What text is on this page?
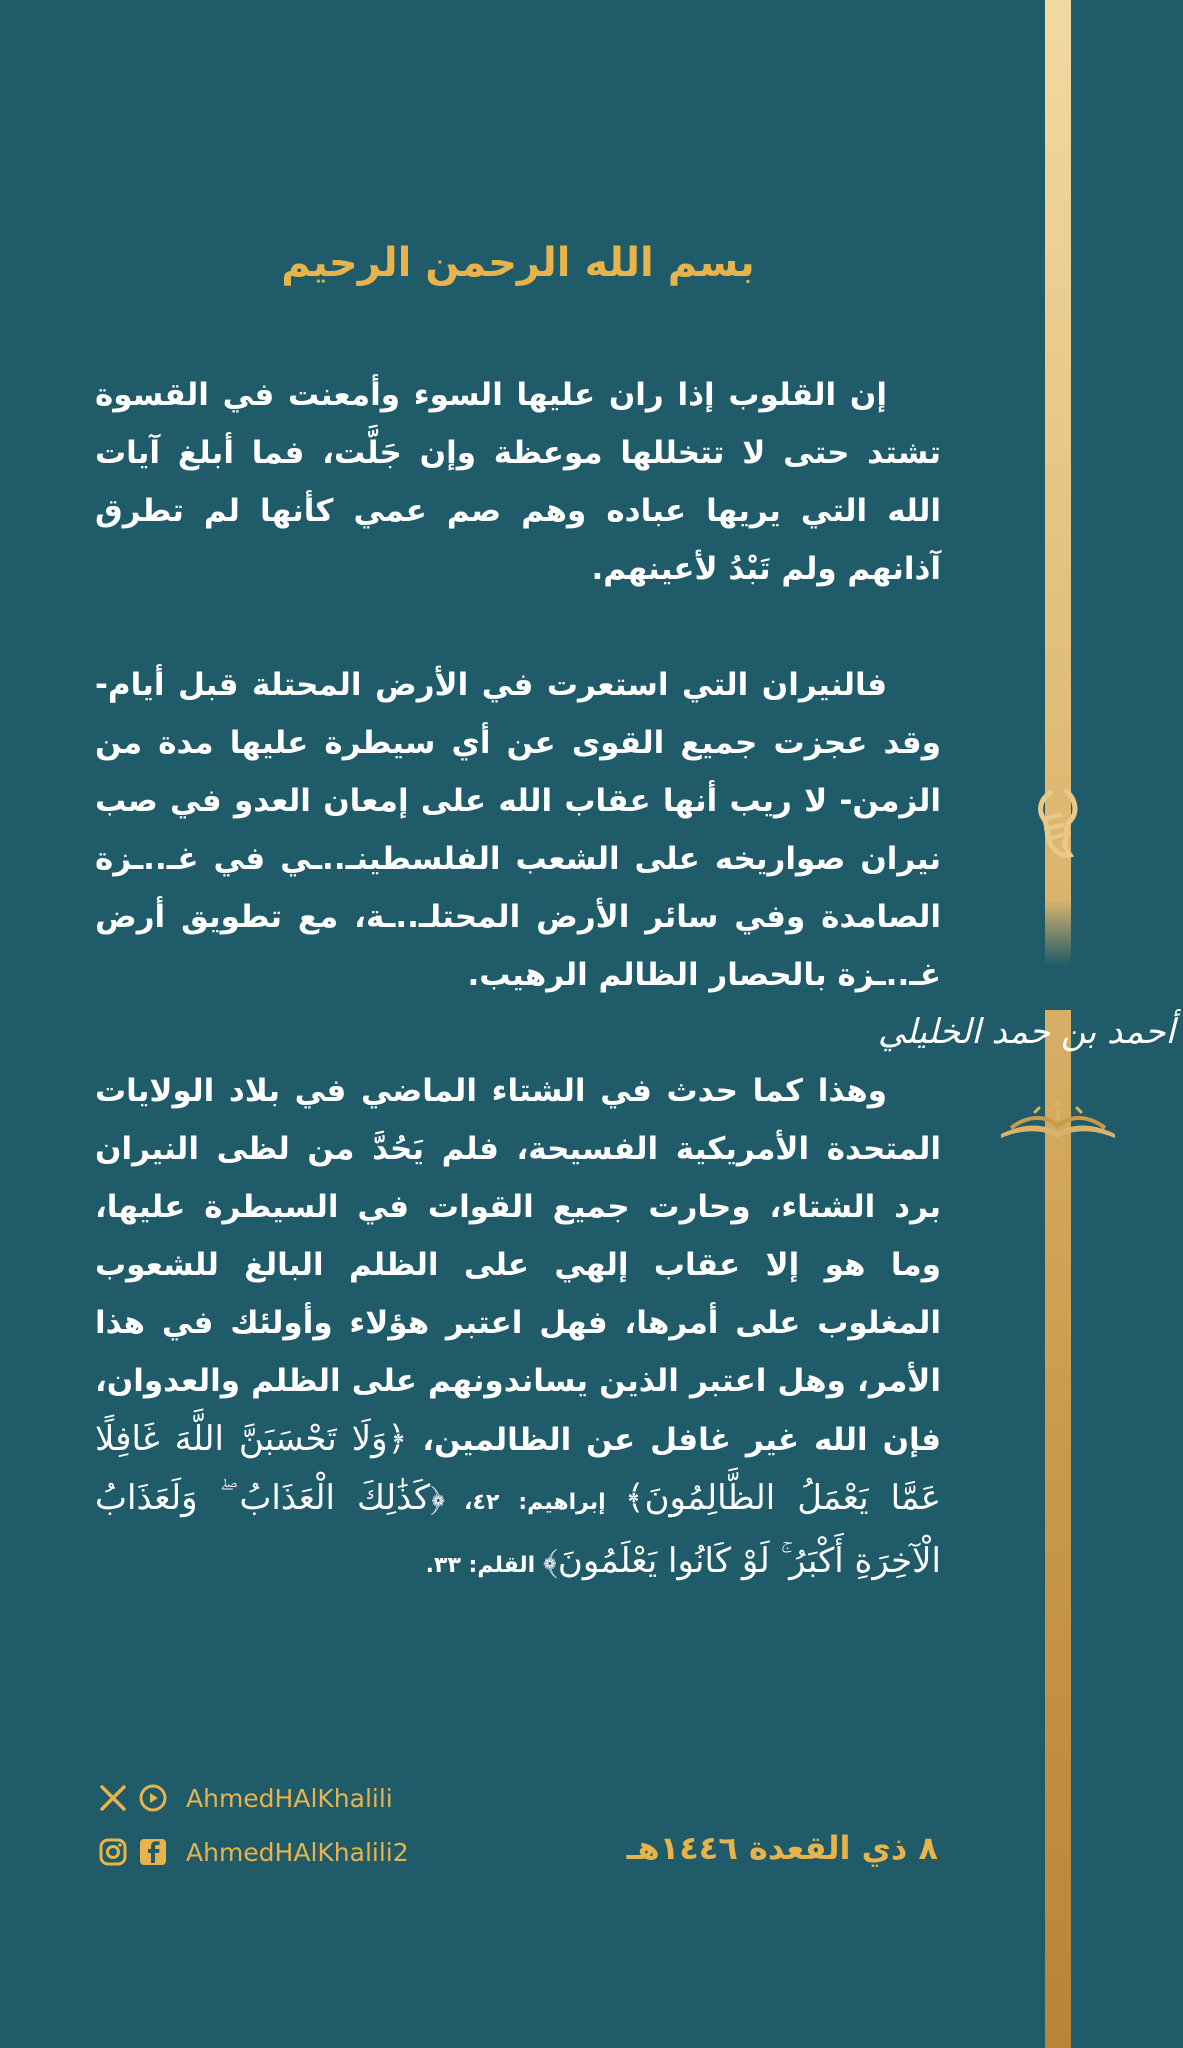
أحمد بن حمد الخليلي
بسم الله الرحمن الرحيم

إن القلوب إذا ران عليها السوء وأمعنت في القسوة تشتد حتى لا تتخللها موعظة وإن جَلَّت، فما أبلغ آيات الله التي يريها عباده وهم صم عمي كأنها لم تطرق آذانهم ولم تَبْدُ لأعينهم.

فالنيران التي استعرت في الأرض المحتلة قبل أيام-وقد عجزت جميع القوى عن أي سيطرة عليها مدة من الزمن- لا ريب أنها عقاب الله على إمعان العدو في صب نيران صواريخه على الشعب الفلسطينـ..ـي في غـ..ـزة الصامدة وفي سائر الأرض المحتلـ..ـة، مع تطويق أرض غـ..ـزة بالحصار الظالم الرهيب.

وهذا كما حدث في الشتاء الماضي في بلاد الولايات المتحدة الأمريكية الفسيحة، فلم يَحُدَّ من لظى النيران برد الشتاء، وحارت جميع القوات في السيطرة عليها، وما هو إلا عقاب إلهي على الظلم البالغ للشعوب المغلوب على أمرها، فهل اعتبر هؤلاء وأولئك في هذا الأمر، وهل اعتبر الذين يساندونهم على الظلم والعدوان، فإن الله غير غافل عن الظالمين، ﴿وَلَا تَحْسَبَنَّ اللَّهَ غَافِلًا عَمَّا يَعْمَلُ الظَّالِمُونَ﴾ إبراهيم: ٤٢، ﴿كَذَٰلِكَ الْعَذَابُ ۖ وَلَعَذَابُ الْآخِرَةِ أَكْبَرُ ۚ لَوْ كَانُوا يَعْلَمُونَ﴾ القلم: ٣٣.

AhmedHAlKhalili
AhmedHAlKhalili2	٨ ذي القعدة ١٤٤٦هـ
